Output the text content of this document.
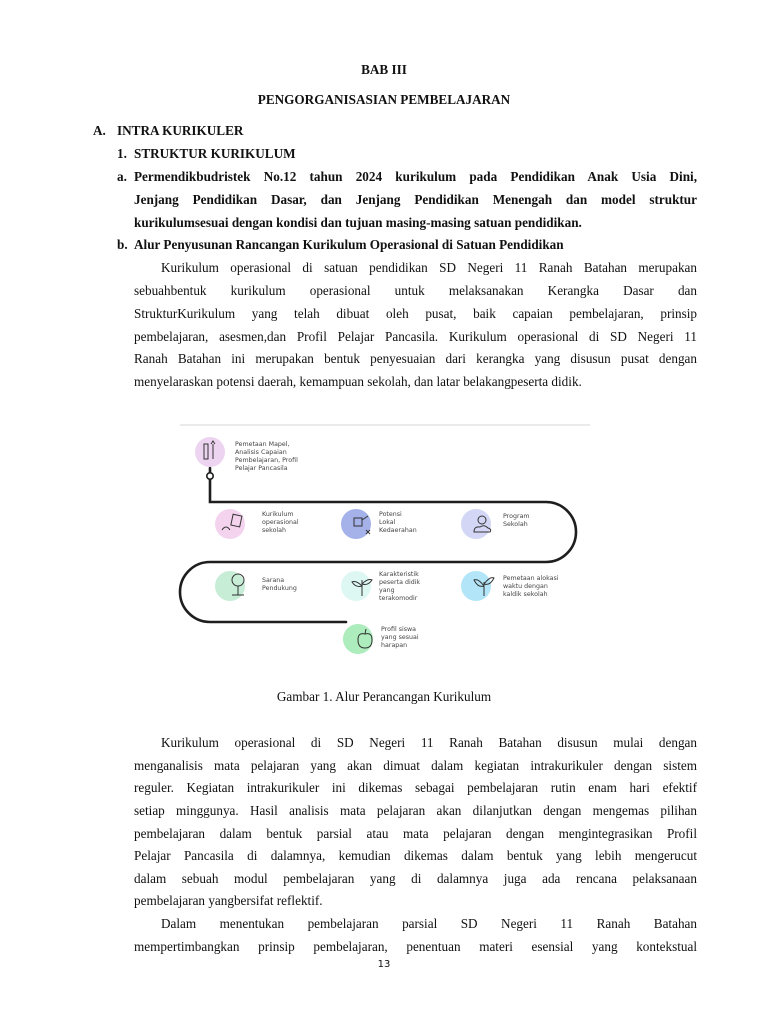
BAB III
PENGORGANISASIAN PEMBELAJARAN
A. INTRA KURIKULER
1. STRUKTUR KURIKULUM
a. Permendikbudristek No.12 tahun 2024 kurikulum pada Pendidikan Anak Usia Dini,
Jenjang Pendidikan Dasar, dan Jenjang Pendidikan Menengah dan model struktur
kurikulumsesuai dengan kondisi dan tujuan masing-masing satuan pendidikan.
b. Alur Penyusunan Rancangan Kurikulum Operasional di Satuan Pendidikan
Kurikulum operasional di satuan pendidikan SD Negeri 11 Ranah Batahan merupakan
sebuahbentuk kurikulum operasional untuk melaksanakan Kerangka Dasar dan
StrukturKurikulum yang telah dibuat oleh pusat, baik capaian pembelajaran, prinsip
pembelajaran, asesmen,dan Profil Pelajar Pancasila. Kurikulum operasional di SD Negeri 11
Ranah Batahan ini merupakan bentuk penyesuaian dari kerangka yang disusun pusat dengan
menyelaraskan potensi daerah, kemampuan sekolah, dan latar belakangpeserta didik.
Pemetaan Mapel,
Analisis Capaian
Pembelajaran, Profil
Pelajar Pancasila
Kurikulum
operasional
sekolah
Potensi
Lokal
Kedaerahan
Program
Sekolah
Sarana
Pendukung
Karakteristik
peserta didik
yang
terakomodir
Pemetaan alokasi
waktu dengan
kaldik sekolah
Profil siswa
yang sesuai
harapan
Gambar 1. Alur Perancangan Kurikulum
Kurikulum operasional di SD Negeri 11 Ranah Batahan disusun mulai dengan
menganalisis mata pelajaran yang akan dimuat dalam kegiatan intrakurikuler dengan sistem
reguler. Kegiatan intrakurikuler ini dikemas sebagai pembelajaran rutin enam hari efektif
setiap minggunya. Hasil analisis mata pelajaran akan dilanjutkan dengan mengemas pilihan
pembelajaran dalam bentuk parsial atau mata pelajaran dengan mengintegrasikan Profil
Pelajar Pancasila di dalamnya, kemudian dikemas dalam bentuk yang lebih mengerucut
dalam sebuah modul pembelajaran yang di dalamnya juga ada rencana pelaksanaan
pembelajaran yangbersifat reflektif.
Dalam menentukan pembelajaran parsial SD Negeri 11 Ranah Batahan
mempertimbangkan prinsip pembelajaran, penentuan materi esensial yang kontekstual
13
